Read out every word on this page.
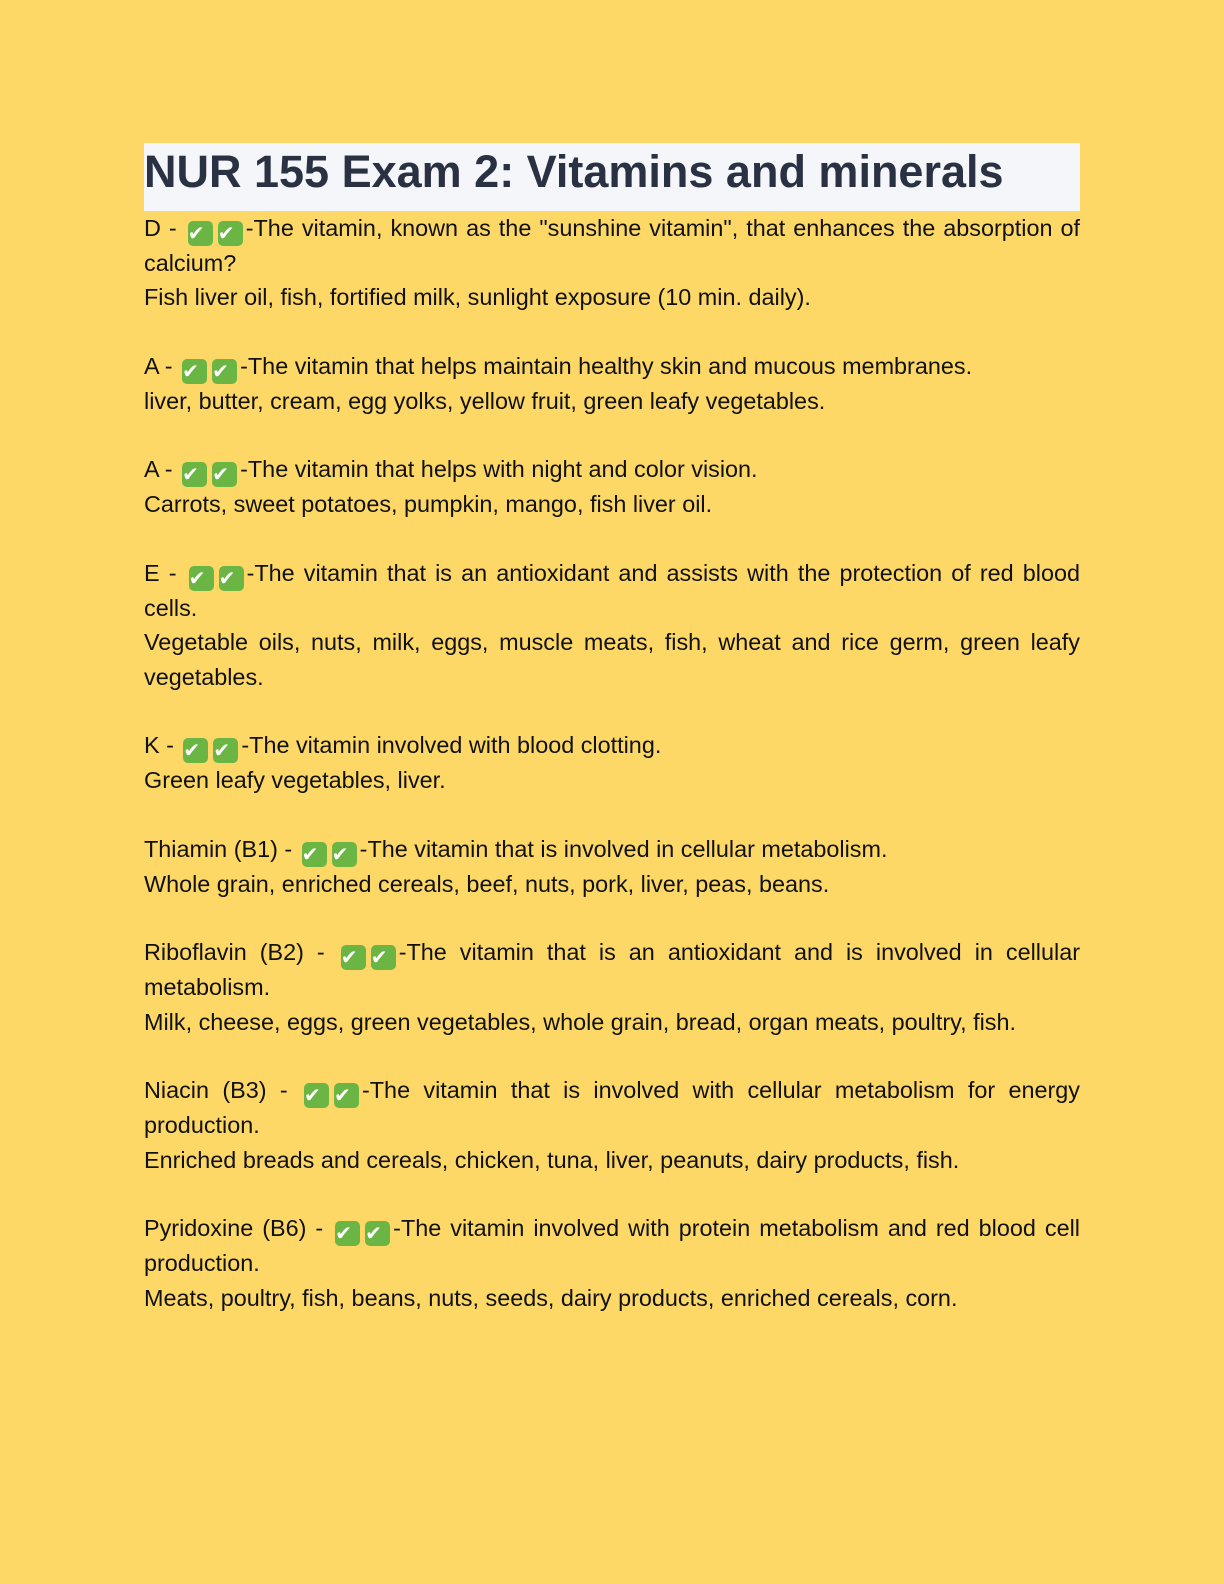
NUR 155 Exam 2: Vitamins and minerals
D - ✔ ✔ -The vitamin, known as the "sunshine vitamin", that enhances the absorption of calcium?
Fish liver oil, fish, fortified milk, sunlight exposure (10 min. daily).
A - ✔ ✔ -The vitamin that helps maintain healthy skin and mucous membranes.
liver, butter, cream, egg yolks, yellow fruit, green leafy vegetables.
A - ✔ ✔ -The vitamin that helps with night and color vision.
Carrots, sweet potatoes, pumpkin, mango, fish liver oil.
E - ✔ ✔ -The vitamin that is an antioxidant and assists with the protection of red blood cells.
Vegetable oils, nuts, milk, eggs, muscle meats, fish, wheat and rice germ, green leafy vegetables.
K - ✔ ✔ -The vitamin involved with blood clotting.
Green leafy vegetables, liver.
Thiamin (B1) - ✔ ✔ -The vitamin that is involved in cellular metabolism.
Whole grain, enriched cereals, beef, nuts, pork, liver, peas, beans.
Riboflavin (B2) - ✔ ✔ -The vitamin that is an antioxidant and is involved in cellular metabolism.
Milk, cheese, eggs, green vegetables, whole grain, bread, organ meats, poultry, fish.
Niacin (B3) - ✔ ✔ -The vitamin that is involved with cellular metabolism for energy production.
Enriched breads and cereals, chicken, tuna, liver, peanuts, dairy products, fish.
Pyridoxine (B6) - ✔ ✔ -The vitamin involved with protein metabolism and red blood cell production.
Meats, poultry, fish, beans, nuts, seeds, dairy products, enriched cereals, corn.
